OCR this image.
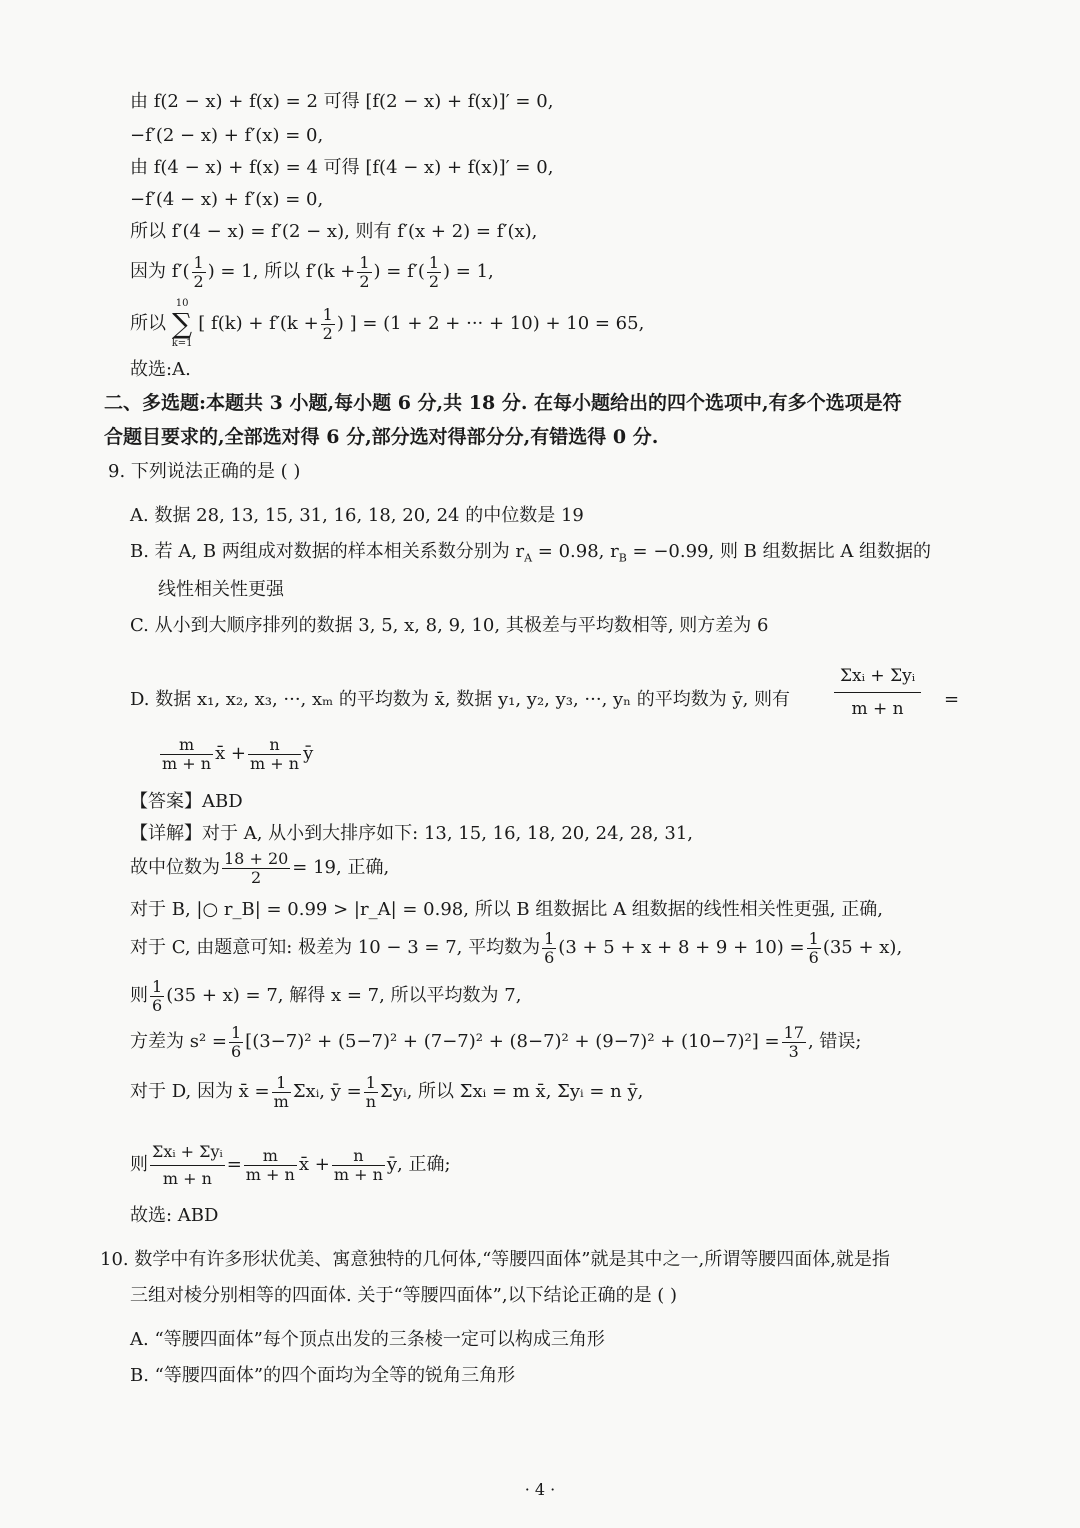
由 f(2 − x) + f(x) = 2 可得 [f(2 − x) + f(x)]′ = 0,
−f′(2 − x) + f′(x) = 0,
由 f(4 − x) + f(x) = 4 可得 [f(4 − x) + f(x)]′ = 0,
−f′(4 − x) + f′(x) = 0,
所以 f′(4 − x) = f′(2 − x), 则有 f′(x + 2) = f′(x),
因为 $f'( \frac{1}{2}$ ) = 1, 所以 $f'(k + \frac{1}{2}$ ) = $f'( \frac{1}{2}$ ) = 1,
所以
10
∑
k=1
[ $f(k) + f'(k + \frac{1}{2}$ ) ] = (1 + 2 + ··· + 10) + 10 = 65,
故选:A.
二、多选题:本题共 3 小题,每小题 6 分,共 18 分. 在每小题给出的四个选项中,有多个选项是符
合题目要求的,全部选对得 6 分,部分选对得部分分,有错选得 0 分.
9. 下列说法正确的是 ( )
A. 数据 28, 13, 15, 31, 16, 18, 20, 24 的中位数是 19
B. 若 A, B 两组成对数据的样本相关系数分别为 $r_A = 0.98$, $r_B = -0.99$, 则 B 组数据比 A 组数据的
线性相关性更强
C. 从小到大顺序排列的数据 3, 5, x, 8, 9, 10, 其极差与平均数相等, 则方差为 6
D. 数据 x₁, x₂, x₃, ···, xₘ 的平均数为 x̄, 数据 y₁, y₂, y₃, ···, yₙ 的平均数为 ȳ, 则有	$\frac{\text{Σxᵢ + Σyᵢ}}{m + n}$ =
$\frac{m}{m + n}$ x̄ + $\frac{n}{m + n}$ ȳ
【答案】ABD
【详解】对于 A, 从小到大排序如下: 13, 15, 16, 18, 20, 24, 28, 31,
故中位数为 $\frac{18 + 20}{2} = 19$, 正确,
对于 B, |○ r_B| = 0.99 > |r_A| = 0.98, 所以 B 组数据比 A 组数据的线性相关性更强, 正确,
对于 C, 由题意可知: 极差为 10 − 3 = 7, 平均数为 $\frac{1}{6} (3 + 5 + x + 8 + 9 + 10) = \frac{1}{6} (35 + x)$,
则 $\frac{1}{6} (35 + x) = 7$, 解得 x = 7, 所以平均数为 7,
方差为 $s^2 = \frac{1}{6} [(3-7)^2 + (5-7)^2 + (7-7)^2 + (8-7)^2 + (9-7)^2 + (10-7)^2] = \frac{17}{3}$ , 错误;
对于 D, 因为 x̄ = $\frac{1}{m}$ Σxᵢ, ȳ = $\frac{1}{n}$ Σyᵢ, 所以 Σxᵢ = m x̄, Σyᵢ = n ȳ,
则 $\frac{\text{Σxᵢ + Σyᵢ}}{m + n} = \frac{m}{m + n}$ x̄ + $\frac{n}{m + n}$ ȳ, 正确;
故选: ABD
10. 数学中有许多形状优美、寓意独特的几何体,“等腰四面体”就是其中之一,所谓等腰四面体,就是指
三组对棱分别相等的四面体. 关于“等腰四面体”,以下结论正确的是 ( )
A. “等腰四面体”每个顶点出发的三条棱一定可以构成三角形
B. “等腰四面体”的四个面均为全等的锐角三角形
· 4 ·
